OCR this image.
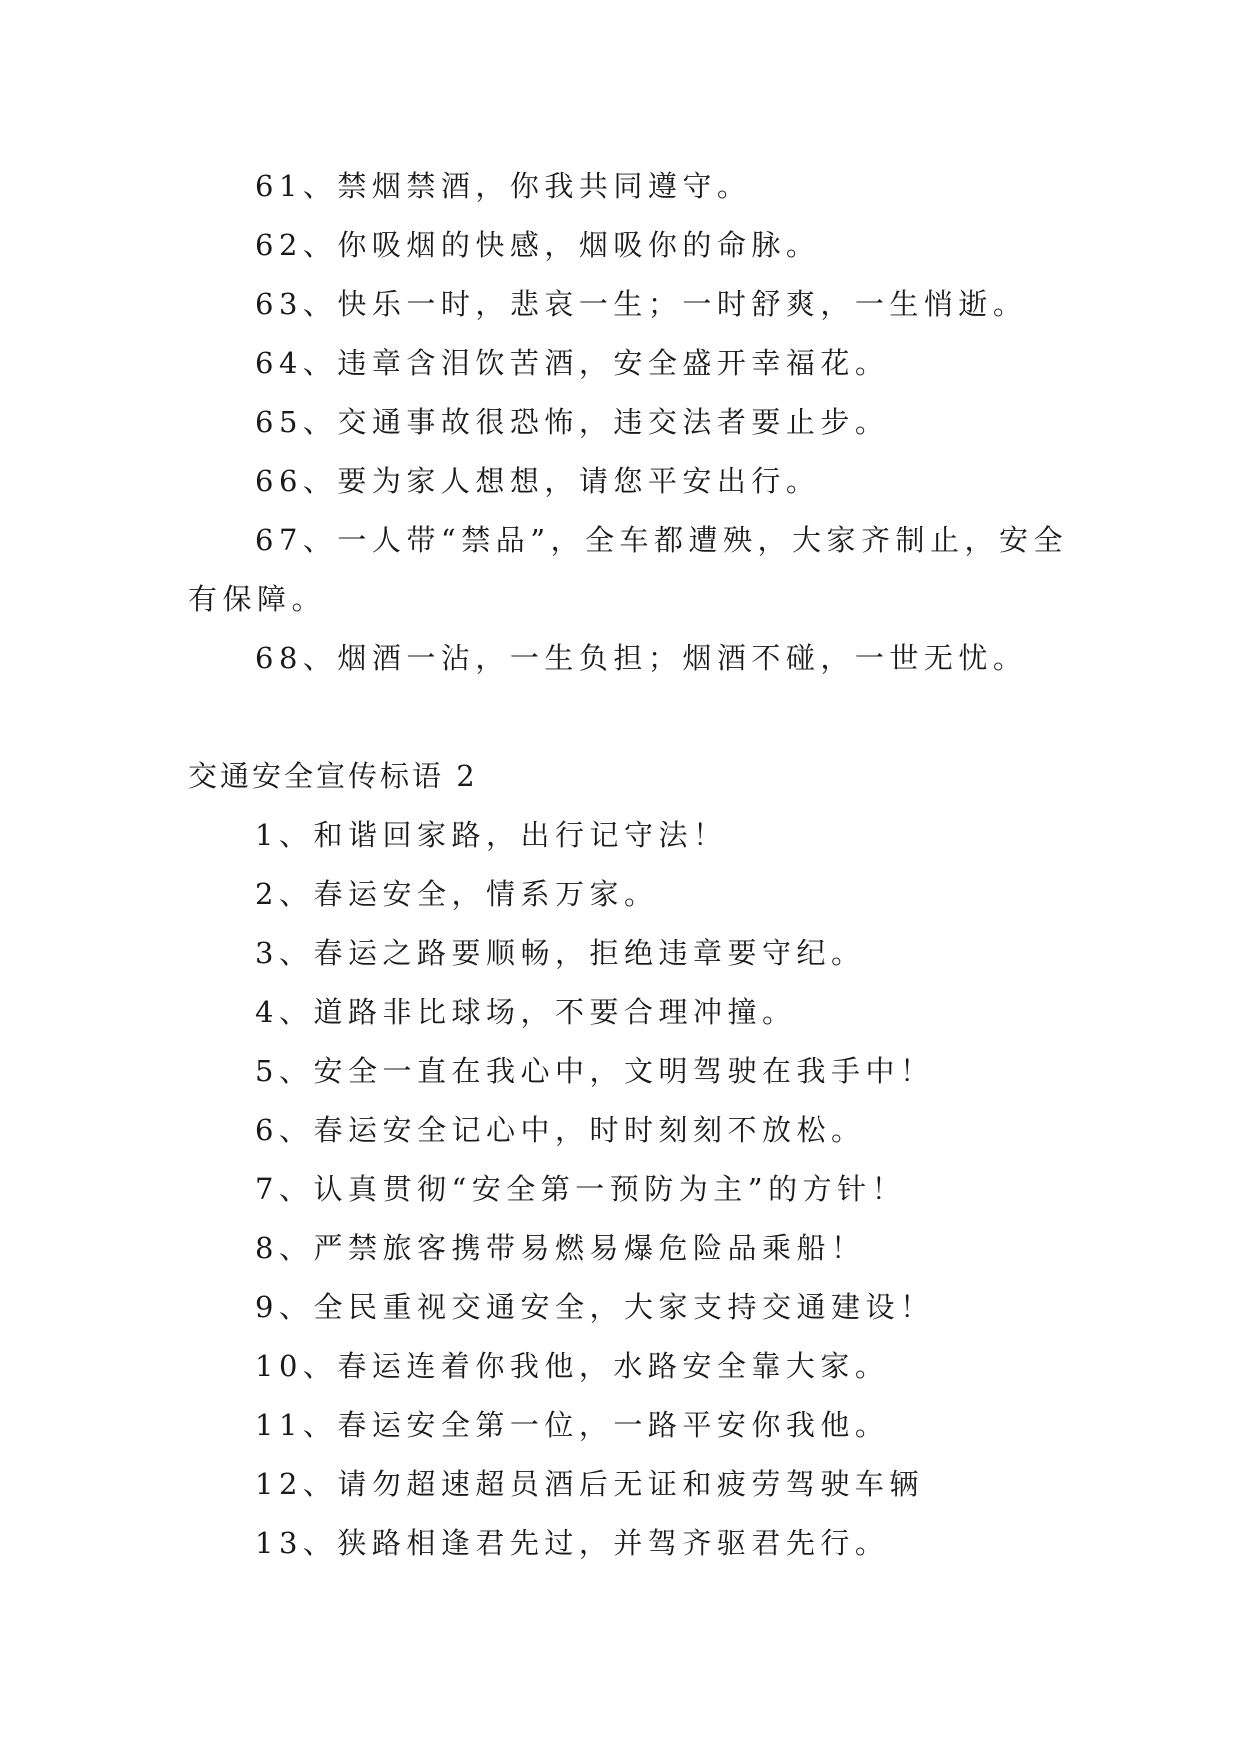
61、禁烟禁酒，你我共同遵守。
62、你吸烟的快感，烟吸你的命脉。
63、快乐一时，悲哀一生；一时舒爽，一生悄逝。
64、违章含泪饮苦酒，安全盛开幸福花。
65、交通事故很恐怖，违交法者要止步。
66、要为家人想想，请您平安出行。
67、一人带“禁品”，全车都遭殃，大家齐制止，安全
有保障。
68、烟酒一沾，一生负担；烟酒不碰，一世无忧。
交通安全宣传标语 2
1、和谐回家路，出行记守法！
2、春运安全，情系万家。
3、春运之路要顺畅，拒绝违章要守纪。
4、道路非比球场，不要合理冲撞。
5、安全一直在我心中，文明驾驶在我手中！
6、春运安全记心中，时时刻刻不放松。
7、认真贯彻“安全第一预防为主”的方针！
8、严禁旅客携带易燃易爆危险品乘船！
9、全民重视交通安全，大家支持交通建设！
10、春运连着你我他，水路安全靠大家。
11、春运安全第一位，一路平安你我他。
12、请勿超速超员酒后无证和疲劳驾驶车辆
13、狭路相逢君先过，并驾齐驱君先行。
